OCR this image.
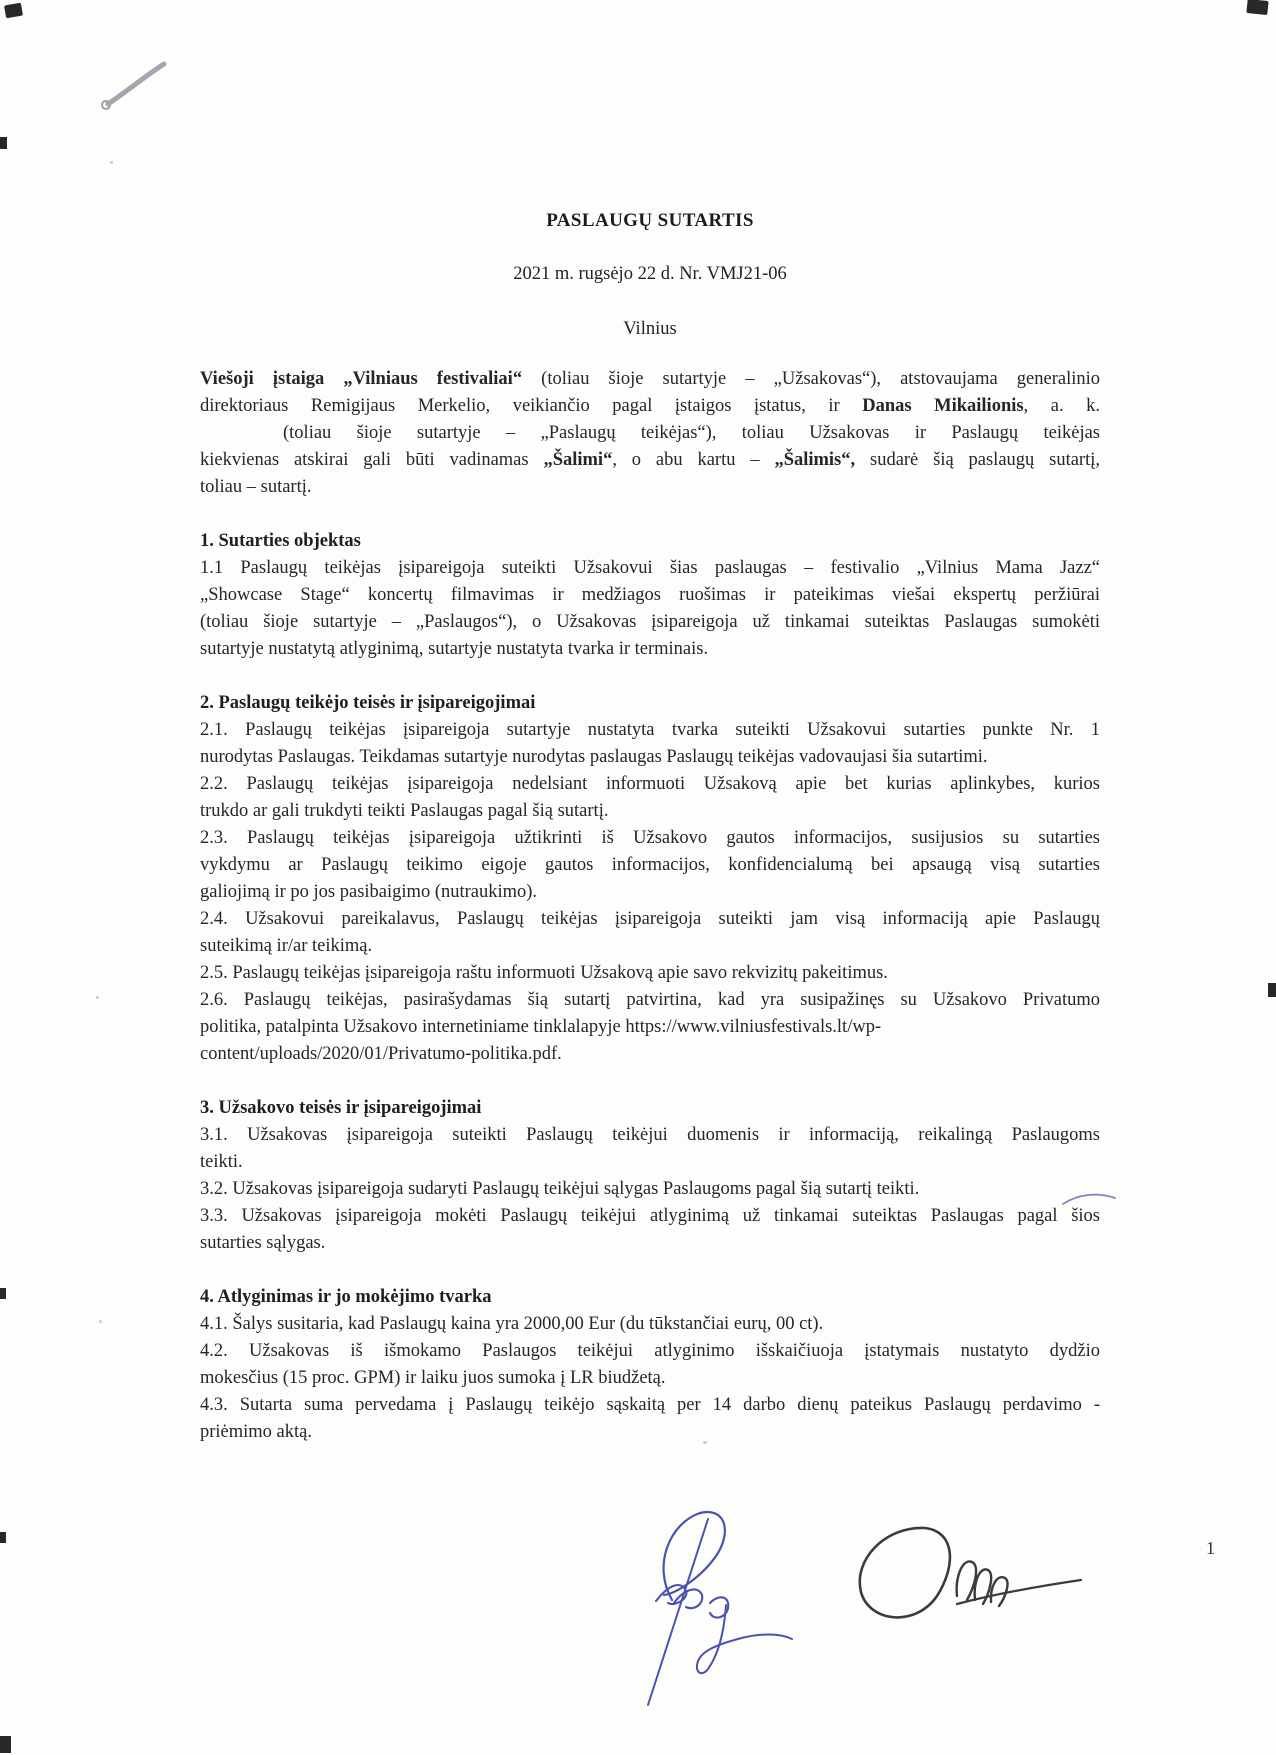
PASLAUGŲ SUTARTIS
2021 m. rugsėjo 22 d. Nr. VMJ21-06
Vilnius
Viešoji įstaiga „Vilniaus festivaliai“ (toliau šioje sutartyje – „Užsakovas“), atstovaujama generalinio
direktoriaus Remigijaus Merkelio, veikiančio pagal įstaigos įstatus, ir Danas Mikailionis, a. k.
(toliau šioje sutartyje – „Paslaugų teikėjas“), toliau Užsakovas ir Paslaugų teikėjas
kiekvienas atskirai gali būti vadinamas „Šalimi“, o abu kartu – „Šalimis“, sudarė šią paslaugų sutartį,
toliau – sutartį.
1. Sutarties objektas
1.1 Paslaugų teikėjas įsipareigoja suteikti Užsakovui šias paslaugas – festivalio „Vilnius Mama Jazz“
„Showcase Stage“ koncertų filmavimas ir medžiagos ruošimas ir pateikimas viešai ekspertų peržiūrai
(toliau šioje sutartyje – „Paslaugos“), o Užsakovas įsipareigoja už tinkamai suteiktas Paslaugas sumokėti
sutartyje nustatytą atlyginimą, sutartyje nustatyta tvarka ir terminais.
2. Paslaugų teikėjo teisės ir įsipareigojimai
2.1. Paslaugų teikėjas įsipareigoja sutartyje nustatyta tvarka suteikti Užsakovui sutarties punkte Nr. 1
nurodytas Paslaugas. Teikdamas sutartyje nurodytas paslaugas Paslaugų teikėjas vadovaujasi šia sutartimi.
2.2. Paslaugų teikėjas įsipareigoja nedelsiant informuoti Užsakovą apie bet kurias aplinkybes, kurios
trukdo ar gali trukdyti teikti Paslaugas pagal šią sutartį.
2.3. Paslaugų teikėjas įsipareigoja užtikrinti iš Užsakovo gautos informacijos, susijusios su sutarties
vykdymu ar Paslaugų teikimo eigoje gautos informacijos, konfidencialumą bei apsaugą visą sutarties
galiojimą ir po jos pasibaigimo (nutraukimo).
2.4. Užsakovui pareikalavus, Paslaugų teikėjas įsipareigoja suteikti jam visą informaciją apie Paslaugų
suteikimą ir/ar teikimą.
2.5. Paslaugų teikėjas įsipareigoja raštu informuoti Užsakovą apie savo rekvizitų pakeitimus.
2.6. Paslaugų teikėjas, pasirašydamas šią sutartį patvirtina, kad yra susipažinęs su Užsakovo Privatumo
politika, patalpinta Užsakovo internetiniame tinklalapyje https://www.vilniusfestivals.lt/wp-
content/uploads/2020/01/Privatumo-politika.pdf.
3. Užsakovo teisės ir įsipareigojimai
3.1. Užsakovas įsipareigoja suteikti Paslaugų teikėjui duomenis ir informaciją, reikalingą Paslaugoms
teikti.
3.2. Užsakovas įsipareigoja sudaryti Paslaugų teikėjui sąlygas Paslaugoms pagal šią sutartį teikti.
3.3. Užsakovas įsipareigoja mokėti Paslaugų teikėjui atlyginimą už tinkamai suteiktas Paslaugas pagal šios
sutarties sąlygas.
4. Atlyginimas ir jo mokėjimo tvarka
4.1. Šalys susitaria, kad Paslaugų kaina yra 2000,00 Eur (du tūkstančiai eurų, 00 ct).
4.2. Užsakovas iš išmokamo Paslaugos teikėjui atlyginimo išskaičiuoja įstatymais nustatyto dydžio
mokesčius (15 proc. GPM) ir laiku juos sumoka į LR biudžetą.
4.3. Sutarta suma pervedama į Paslaugų teikėjo sąskaitą per 14 darbo dienų pateikus Paslaugų perdavimo -
priėmimo aktą.
1
